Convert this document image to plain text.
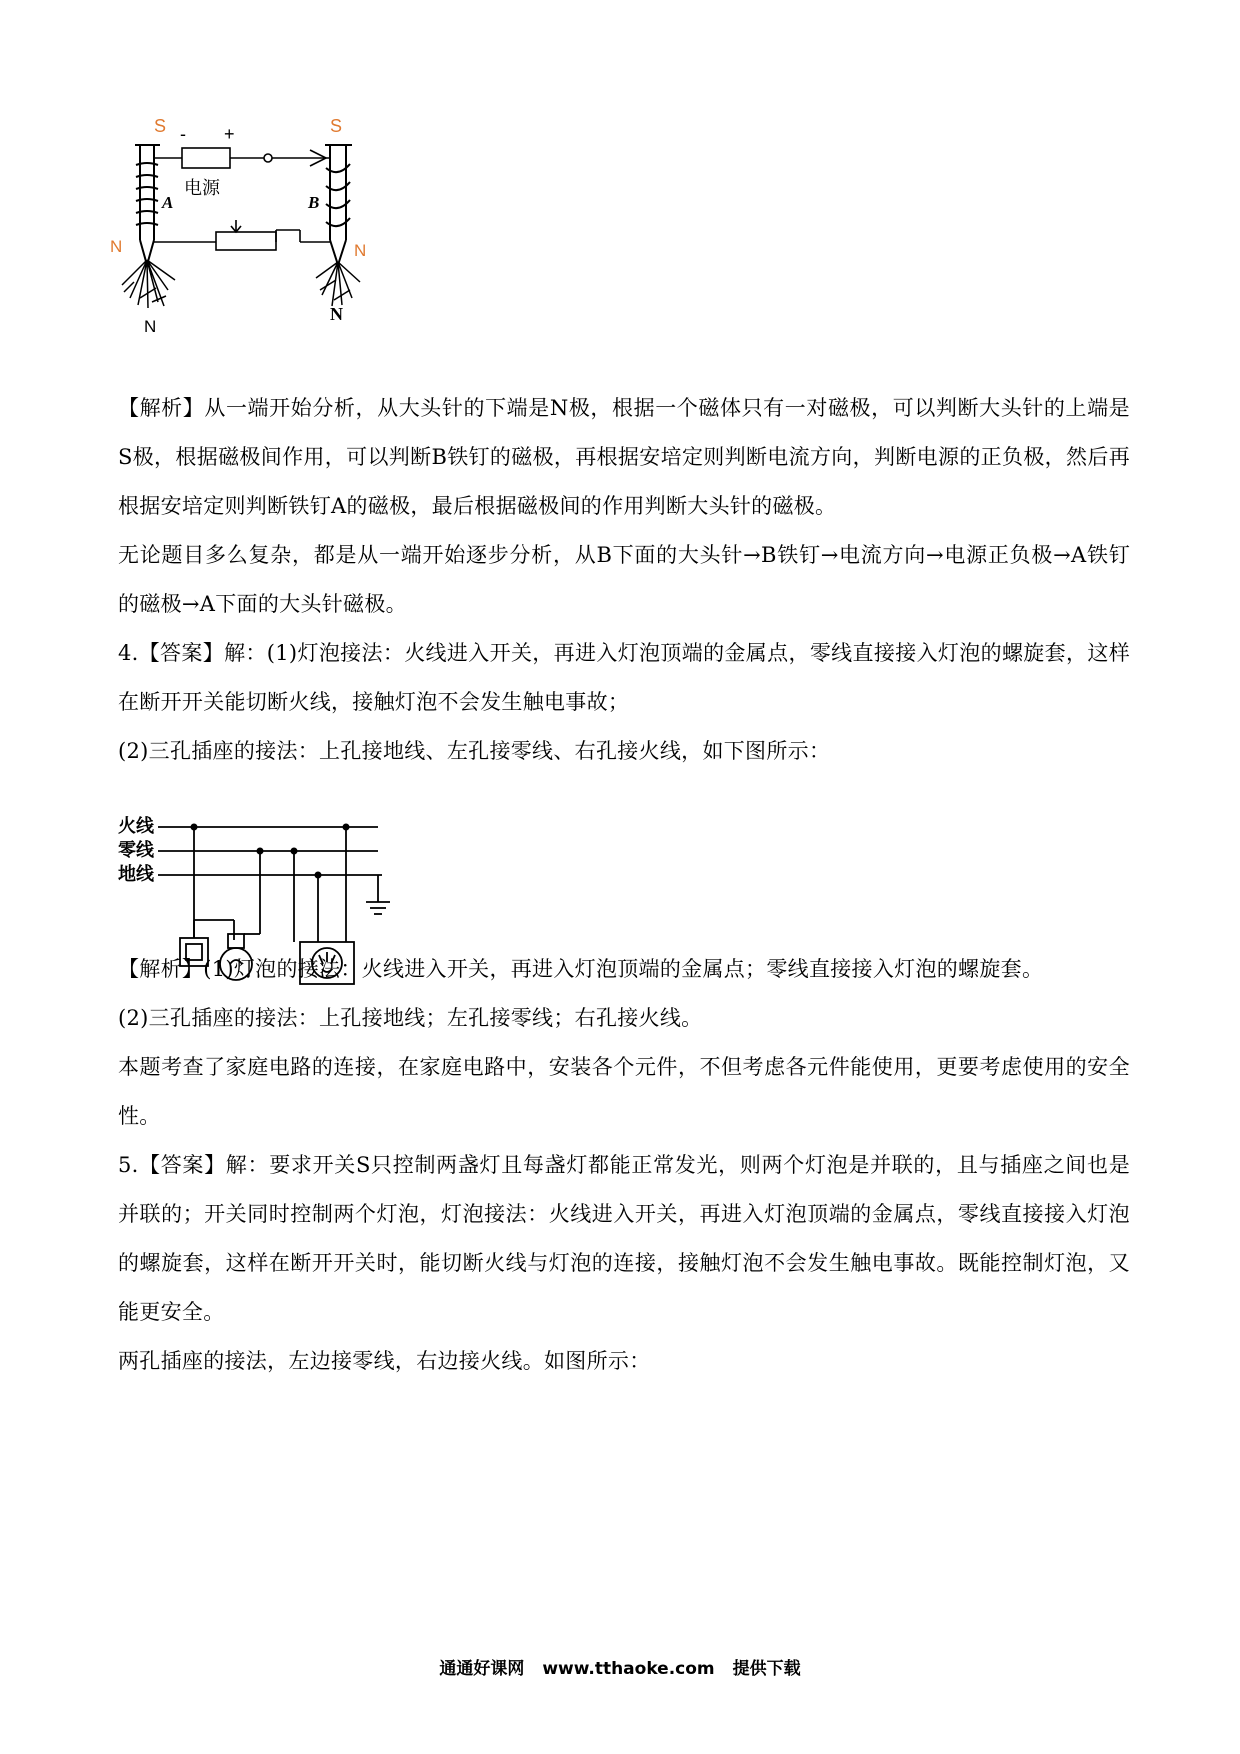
S	S
- +
A	B
电源
N	N
N
N

【解析】从一端开始分析，从大头针的下端是N极，根据一个磁体只有一对磁极，可以判断大头针的上端是S极，根据磁极间作用，可以判断B铁钉的磁极，再根据安培定则判断电流方向，判断电源的正负极，然后再根据安培定则判断铁钉A的磁极，最后根据磁极间的作用判断大头针的磁极。

无论题目多么复杂，都是从一端开始逐步分析，从B下面的大头针→B铁钉→电流方向→电源正负极→A铁钉的磁极→A下面的大头针磁极。

4.【答案】解：(1)灯泡接法：火线进入开关，再进入灯泡顶端的金属点，零线直接接入灯泡的螺旋套，这样在断开开关能切断火线，接触灯泡不会发生触电事故；

(2)三孔插座的接法：上孔接地线、左孔接零线、右孔接火线，如下图所示：

火线
零线
地线

【解析】(1)灯泡的接法：火线进入开关，再进入灯泡顶端的金属点；零线直接接入灯泡的螺旋套。

(2)三孔插座的接法：上孔接地线；左孔接零线；右孔接火线。

本题考查了家庭电路的连接，在家庭电路中，安装各个元件，不但考虑各元件能使用，更要考虑使用的安全性。

5.【答案】解：要求开关S只控制两盏灯且每盏灯都能正常发光，则两个灯泡是并联的，且与插座之间也是并联的；开关同时控制两个灯泡，灯泡接法：火线进入开关，再进入灯泡顶端的金属点，零线直接接入灯泡的螺旋套，这样在断开开关时，能切断火线与灯泡的连接，接触灯泡不会发生触电事故。既能控制灯泡，又能更安全。

两孔插座的接法，左边接零线，右边接火线。如图所示：

通通好课网 www.tthaoke.com 提供下载
